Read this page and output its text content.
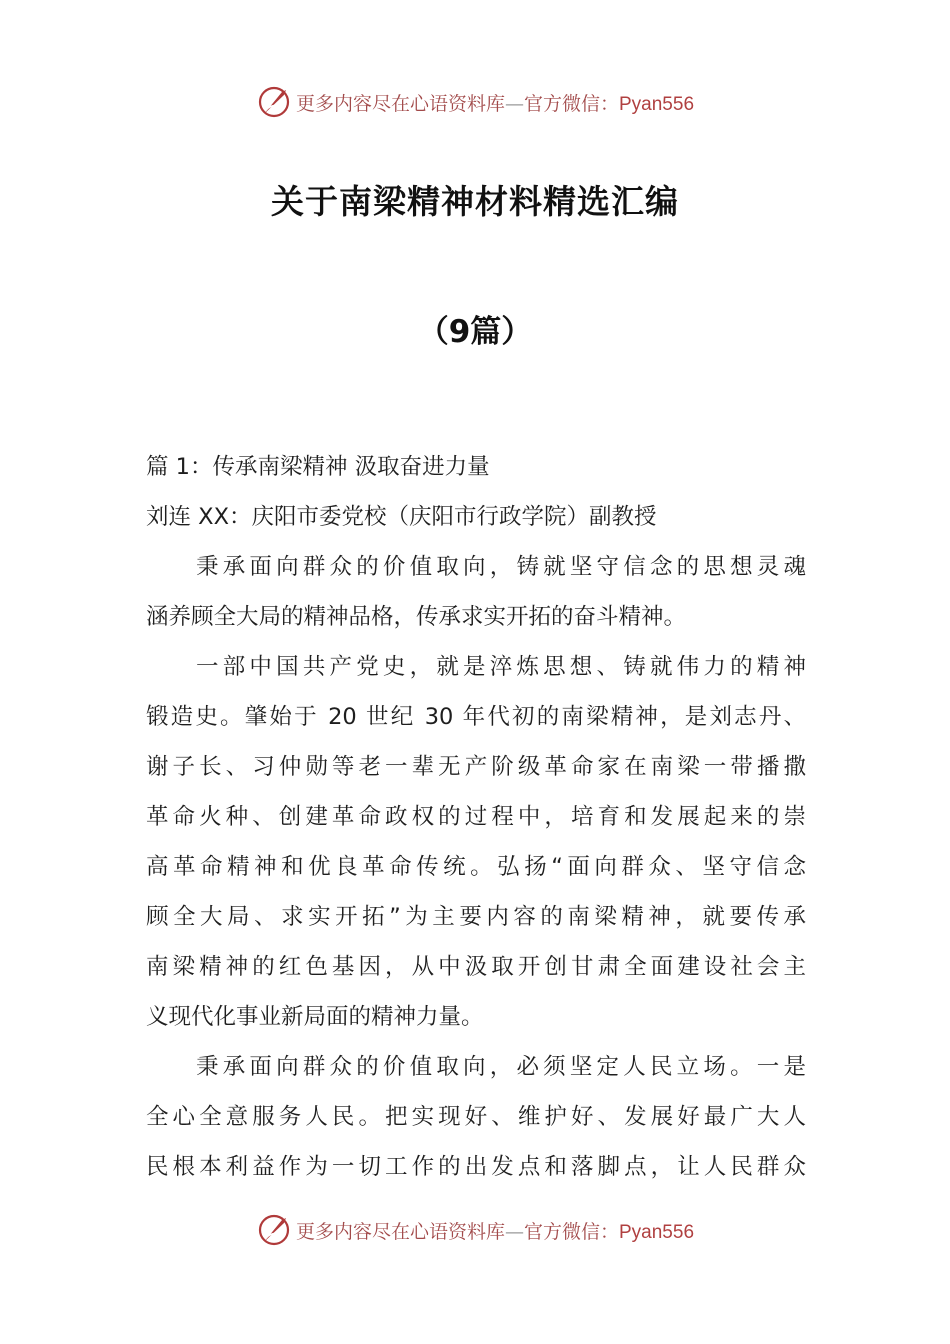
更多内容尽在心语资料库—官方微信：Pyan556
关于南梁精神材料精选汇编
（9篇）
篇 1：传承南梁精神 汲取奋进力量
刘连 XX：庆阳市委党校（庆阳市行政学院）副教授
秉承面向群众的价值取向，铸就坚守信念的思想灵魂
涵养顾全大局的精神品格，传承求实开拓的奋斗精神。
一部中国共产党史，就是淬炼思想、铸就伟力的精神
锻造史。肇始于 20 世纪 30 年代初的南梁精神，是刘志丹、
谢子长、习仲勋等老一辈无产阶级革命家在南梁一带播撒
革命火种、创建革命政权的过程中，培育和发展起来的崇
高革命精神和优良革命传统。弘扬“面向群众、坚守信念
顾全大局、求实开拓”为主要内容的南梁精神，就要传承
南梁精神的红色基因，从中汲取开创甘肃全面建设社会主
义现代化事业新局面的精神力量。
秉承面向群众的价值取向，必须坚定人民立场。一是
全心全意服务人民。把实现好、维护好、发展好最广大人
民根本利益作为一切工作的出发点和落脚点，让人民群众
更多内容尽在心语资料库—官方微信：Pyan556
